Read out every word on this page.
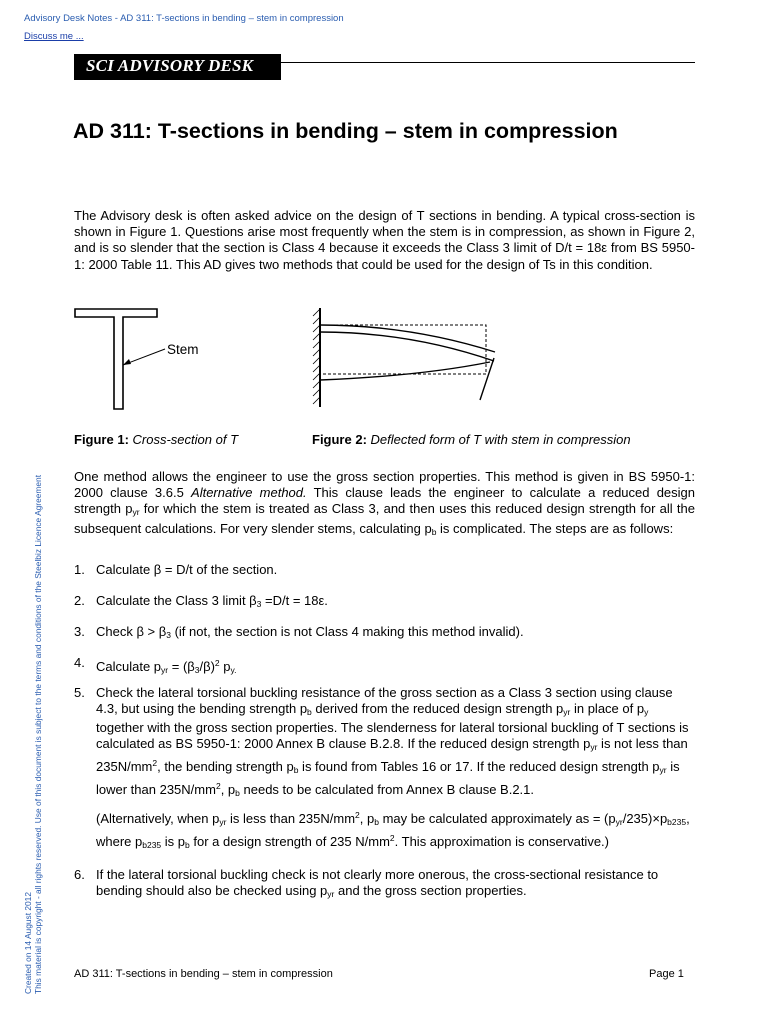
Advisory Desk Notes - AD 311: T-sections in bending – stem in compression
Discuss me ...
SCI ADVISORY DESK
AD 311: T-sections in bending – stem in compression
The Advisory desk is often asked advice on the design of T sections in bending. A typical cross-section is shown in Figure 1. Questions arise most frequently when the stem is in compression, as shown in Figure 2, and is so slender that the section is Class 4 because it exceeds the Class 3 limit of D/t = 18ε from BS 5950-1: 2000 Table 11. This AD gives two methods that could be used for the design of Ts in this condition.
Stem
Figure 1: Cross-section of T	Figure 2: Deflected form of T with stem in compression
One method allows the engineer to use the gross section properties. This method is given in BS 5950-1: 2000 clause 3.6.5 Alternative method. This clause leads the engineer to calculate a reduced design strength $p_{yr}$ for which the stem is treated as Class 3, and then uses this reduced design strength for all the subsequent calculations. For very slender stems, calculating $p_b$ is complicated. The steps are as follows:
1. Calculate β = D/t of the section.
2. Calculate the Class 3 limit $\beta_3 =D/t = 18\varepsilon$.
3. Check $\beta > \beta_3$ (if not, the section is not Class 4 making this method invalid).
4. Calculate $p_{yr} = (\beta_3/\beta)^2$ $p_{y.}$
5. Check the lateral torsional buckling resistance of the gross section as a Class 3 section using clause 4.3, but using the bending strength $p_b$ derived from the reduced design strength $p_{yr}$ in place of $p_y$ together with the gross section properties. The slenderness for lateral torsional buckling of T sections is calculated as BS 5950-1: 2000 Annex B clause B.2.8. If the reduced design strength $p_{yr}$ is not less than $235N/mm^2$, the bending strength $p_b$ is found from Tables 16 or 17. If the reduced design strength $p_{yr}$ is lower than $235N/mm^2$, $p_b$ needs to be calculated from Annex B clause B.2.1.
(Alternatively, when $p_{yr}$ is less than $235N/mm^2$, $p_b$ may be calculated approximately as = $(p_{yr}/235)\times p_{b235}$, where $p_{b235}$ is $p_b$ for a design strength of 235 $N/mm^2$. This approximation is conservative.)
6. If the lateral torsional buckling check is not clearly more onerous, the cross-sectional resistance to bending should also be checked using $p_{yr}$ and the gross section properties.
AD 311: T-sections in bending – stem in compression	Page 1
Created on 14 August 2012 This material is copyright - all rights reserved. Use of this document is subject to the terms and conditions of the Steelbiz Licence Agreement
